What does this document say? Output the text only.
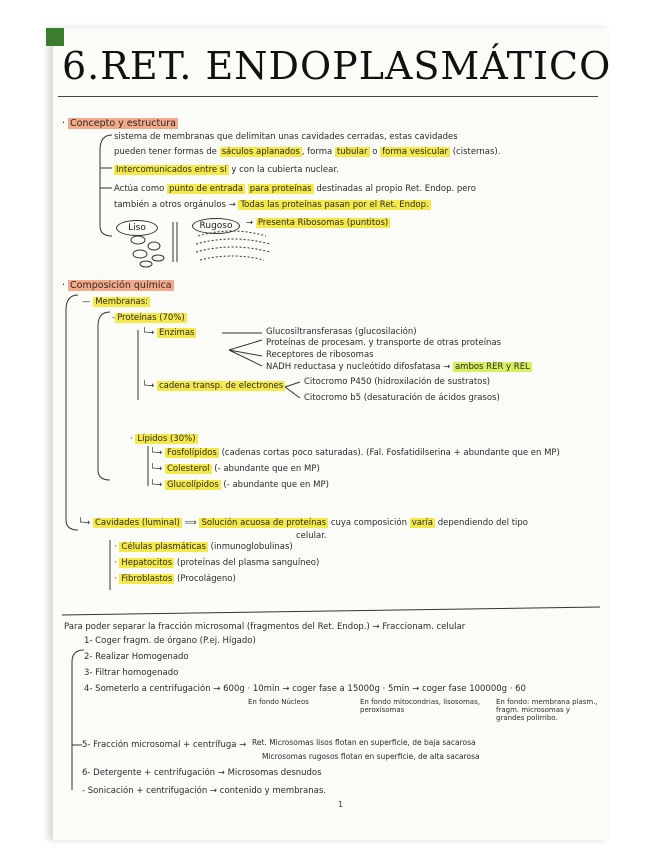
6.RET. ENDOPLASMÁTICO
· Concepto y estructura
sistema de membranas que delimitan unas cavidades cerradas, estas cavidades
pueden tener formas de sáculos aplanados , forma tubular o forma vesicular (cisternas).
Intercomunicados entre sí y con la cubierta nuclear.
Actúa como punto de entrada para proteínas destinadas al propio Ret. Endop. pero
también a otros orgánulos → Todas las proteínas pasan por el Ret. Endop.
Liso	Rugoso	→ Presenta Ribosomas (puntitos)
· Composición química
— Membranas:
- Proteínas (70%)
└→ Enzimas	Glucosiltransferasas (glucosilación)
Proteínas de procesam. y transporte de otras proteínas
Receptores de ribosomas
NADH reductasa y nucleótido difosfatasa → ambos RER y REL
└→ cadena transp. de electrones Citocromo P450 (hidroxilación de sustratos)
Citocromo b5 (desaturación de ácidos grasos)
· Lípidos (30%)
└→ Fosfolípidos (cadenas cortas poco saturadas). (Fal. Fosfatidilserina + abundante que en MP)
└→ Colesterol (- abundante que en MP)
└→ Glucolípidos (- abundante que en MP)
└→ Cavidades (luminal) ⟹ Solución acuosa de proteínas cuya composición varía dependiendo del tipo
celular.
· Células plasmáticas (inmunoglobulinas)
· Hepatocitos (proteínas del plasma sanguíneo)
· Fibroblastos (Procolágeno)
Para poder separar la fracción microsomal (fragmentos del Ret. Endop.) → Fraccionam. celular
1- Coger fragm. de órgano (P.ej. Hígado)
2- Realizar Homogenado
3- Filtrar homogenado
4- Someterlo a centrifugación → 600g · 10min → coger fase a 15000g · 5min → coger fase 100000g · 60
En fondo Núcleos	En fondo mitocondrias, lisosomas, peroxisomas
En fondo: membrana plasm., fragm. microsomas y grandes polirribo.
5- Fracción microsomal + centrífuga → Ret. Microsomas lisos flotan en superficie, de baja sacarosa
Microsomas rugosos flotan en superficie, de alta sacarosa
6- Detergente + centrifugación → Microsomas desnudos
- Sonicación + centrifugación → contenido y membranas.
1
